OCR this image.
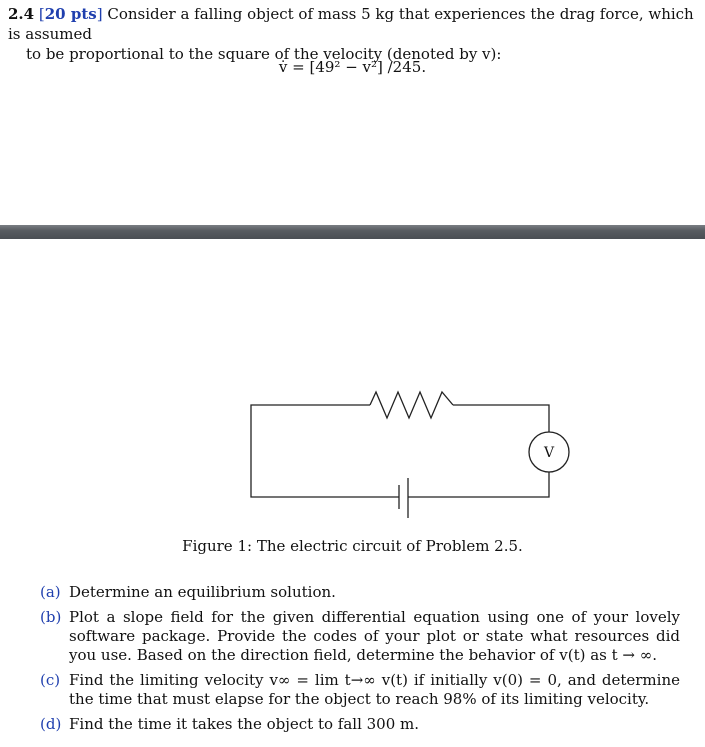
2.4 [20 pts] Consider a falling object of mass 5 kg that experiences the drag force, which is assumed
to be proportional to the square of the velocity (denoted by v):
v̇ = [49² − v²] /245.
V
Figure 1: The electric circuit of Problem 2.5.
(a) Determine an equilibrium solution.

(b) Plot a slope field for the given differential equation using one of your lovely software package. Provide the codes of your plot or state what resources did you use. Based on the direction field, determine the behavior of v(t) as t → ∞.

(c) Find the limiting velocity v∞ = lim t→∞ v(t) if initially v(0) = 0, and determine the time that must elapse for the object to reach 98% of its limiting velocity.

(d) Find the time it takes the object to fall 300 m.
